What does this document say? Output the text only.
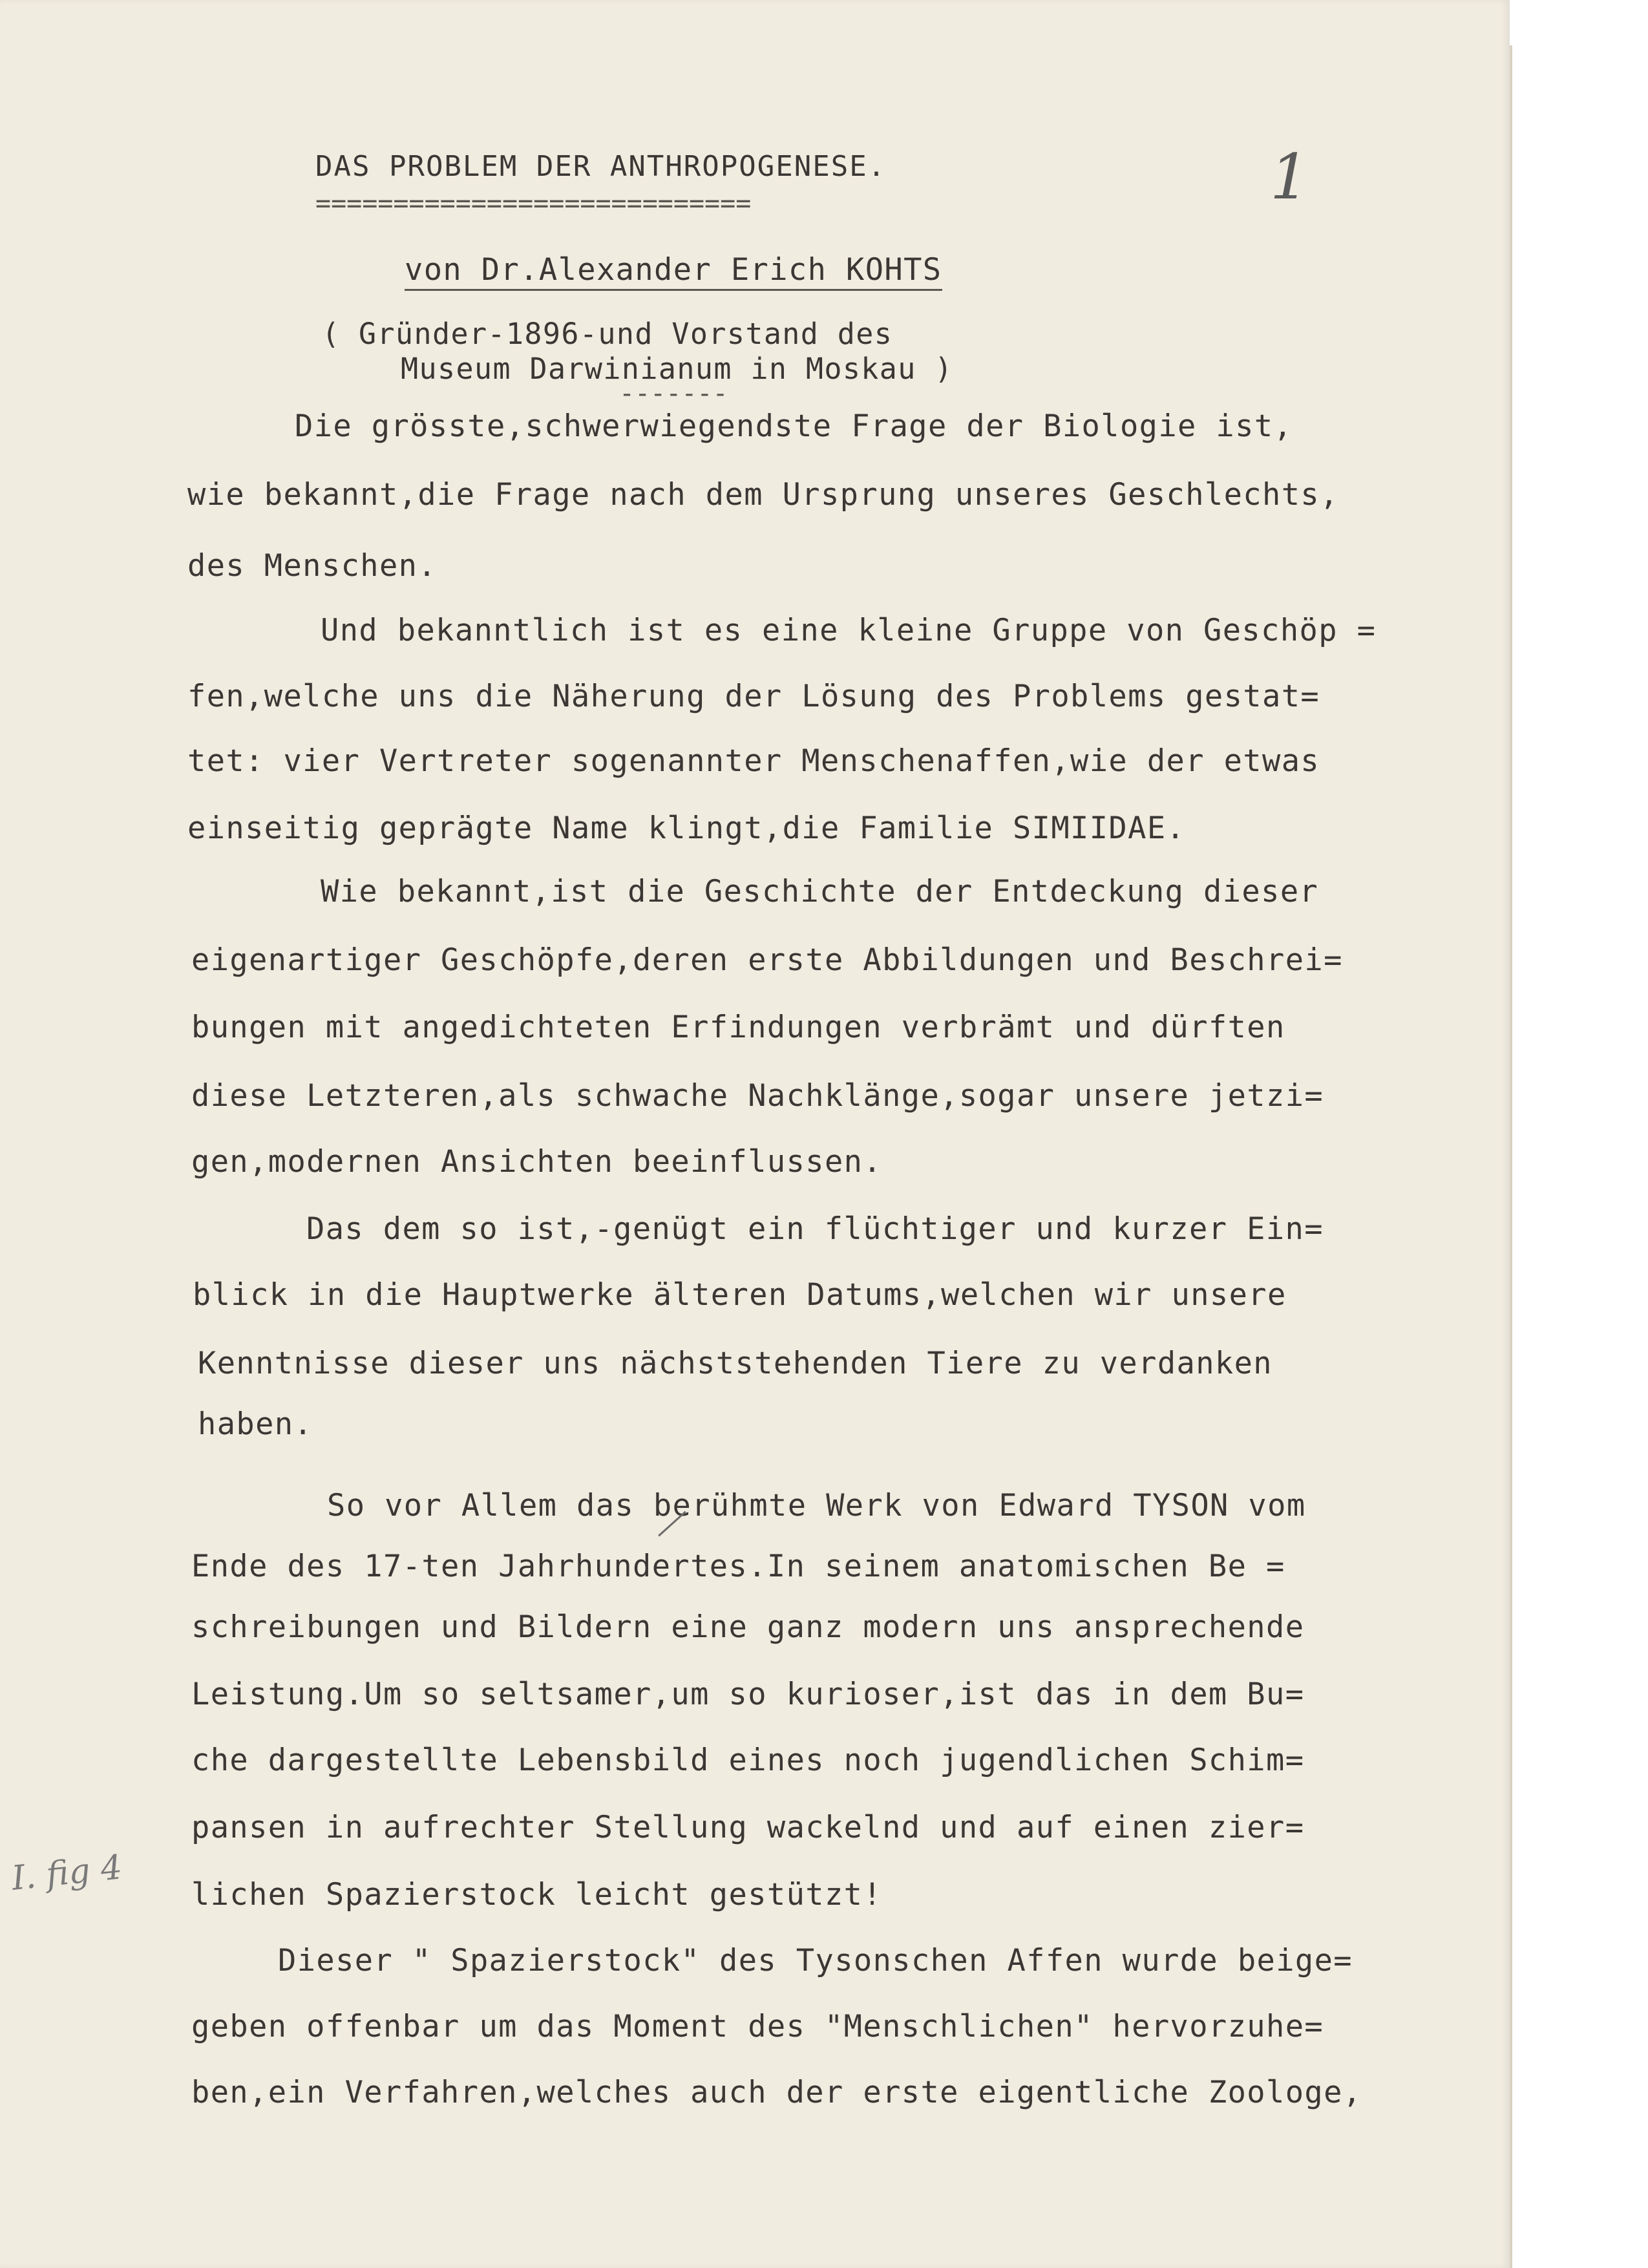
DAS PROBLEM DER ANTHROPOGENESE.
============================	1
von Dr.Alexander Erich KOHTS
( Gründer-1896-und Vorstand des
Museum Darwinianum in Moskau )
-------
Die grösste,schwerwiegendste Frage der Biologie ist,
wie bekannt,die Frage nach dem Ursprung unseres Geschlechts,
des Menschen.
Und bekanntlich ist es eine kleine Gruppe von Geschöp =
fen,welche uns die Näherung der Lösung des Problems gestat=
tet: vier Vertreter sogenannter Menschenaffen,wie der etwas
einseitig geprägte Name klingt,die Familie SIMIIDAE.
Wie bekannt,ist die Geschichte der Entdeckung dieser
eigenartiger Geschöpfe,deren erste Abbildungen und Beschrei=
bungen mit angedichteten Erfindungen verbrämt und dürften
diese Letzteren,als schwache Nachklänge,sogar unsere jetzi=
gen,modernen Ansichten beeinflussen.
Das dem so ist,-genügt ein flüchtiger und kurzer Ein=
blick in die Hauptwerke älteren Datums,welchen wir unsere
Kenntnisse dieser uns nächststehenden Tiere zu verdanken
haben.
So vor Allem das berühmte Werk von Edward TYSON vom
Ende des 17-ten Jahrhundertes.In seinem anatomischen Be =
schreibungen und Bildern eine ganz modern uns ansprechende
Leistung.Um so seltsamer,um so kurioser,ist das in dem Bu=
che dargestellte Lebensbild eines noch jugendlichen Schim=
pansen in aufrechter Stellung wackelnd und auf einen zier=
lichen Spazierstock leicht gestützt!
Dieser " Spazierstock" des Tysonschen Affen wurde beige=
geben offenbar um das Moment des "Menschlichen" hervorzuhe=
ben,ein Verfahren,welches auch der erste eigentliche Zoologe,
I. fig 4
